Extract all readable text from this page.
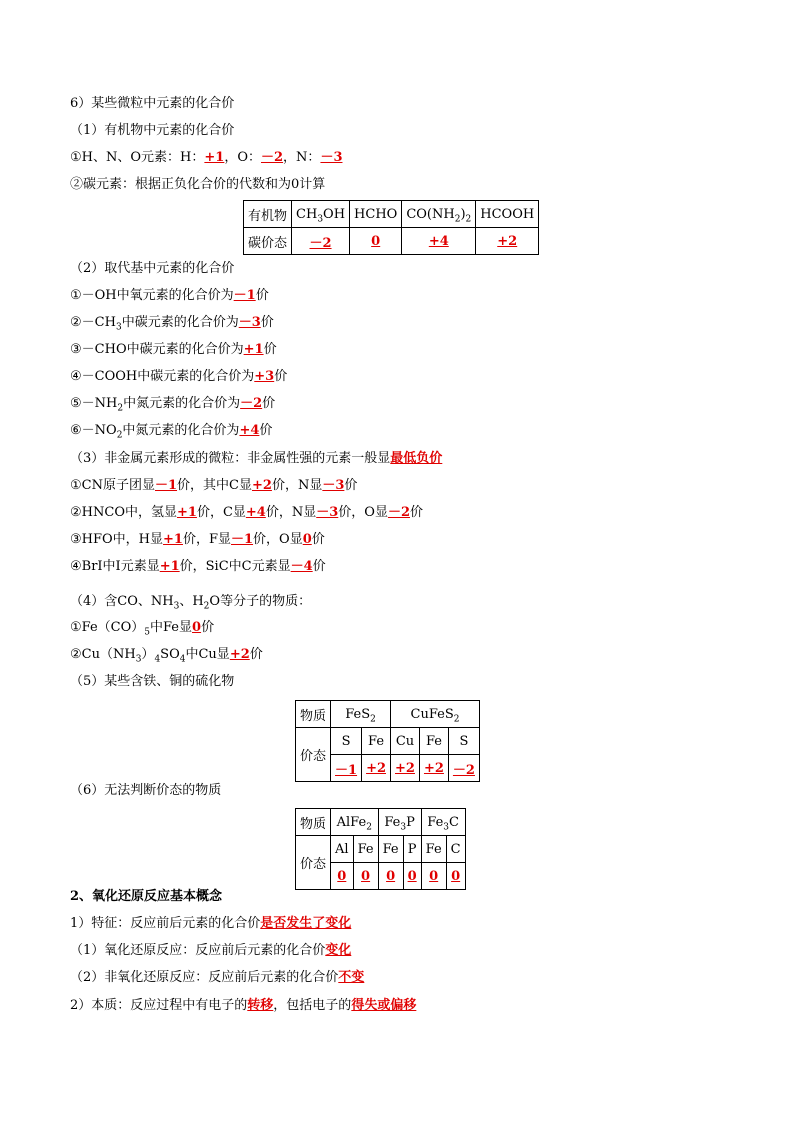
6）某些微粒中元素的化合价
（1）有机物中元素的化合价
①H、N、O元素：H：+1，O：－2，N：－3
②碳元素：根据正负化合价的代数和为0计算
有机物	$CH_3OH$	HCHO	$CO(NH_2)_2$	HCOOH
碳价态	－2	0	+4	+2
（2）取代基中元素的化合价
①－OH中氧元素的化合价为－1价
$②-CH_3$中碳元素的化合价为－3价
③－CHO中碳元素的化合价为+1价
④－COOH中碳元素的化合价为+3价
$⑤-NH_2$中氮元素的化合价为－2价
$⑥-NO_2$中氮元素的化合价为+4价
（3）非金属元素形成的微粒：非金属性强的元素一般显最低负价
①CN原子团显－1价，其中C显+2价，N显－3价
②HNCO中，氢显+1价，C显+4价，N显－3价，O显－2价
③HFO中，H显+1价，F显－1价，O显0价
④BrI中I元素显+1价，SiC中C元素显－4价
（4）含CO、$NH_3$、$H_2O$等分子的物质：
$①Fe(CO)_5$中Fe显0价
$②Cu(NH_3)_4SO_4$中Cu显+2价
（5）某些含铁、铜的硫化物
物质	FeS$_2$		CuFeS$_2$
价态	S	Fe	Cu	Fe	S
	－1	+2	+2	+2	－2
（6）无法判断价态的物质
物质	AlFe$_2$		$Fe_3P$		$Fe_3C$	
价态	Al	Fe	Fe	P	Fe	C
	0	0	0	0	0	0
2、氧化还原反应基本概念
1）特征：反应前后元素的化合价是否发生了变化
（1）氧化还原反应：反应前后元素的化合价变化
（2）非氧化还原反应：反应前后元素的化合价不变
2）本质：反应过程中有电子的转移，包括电子的得失或偏移
